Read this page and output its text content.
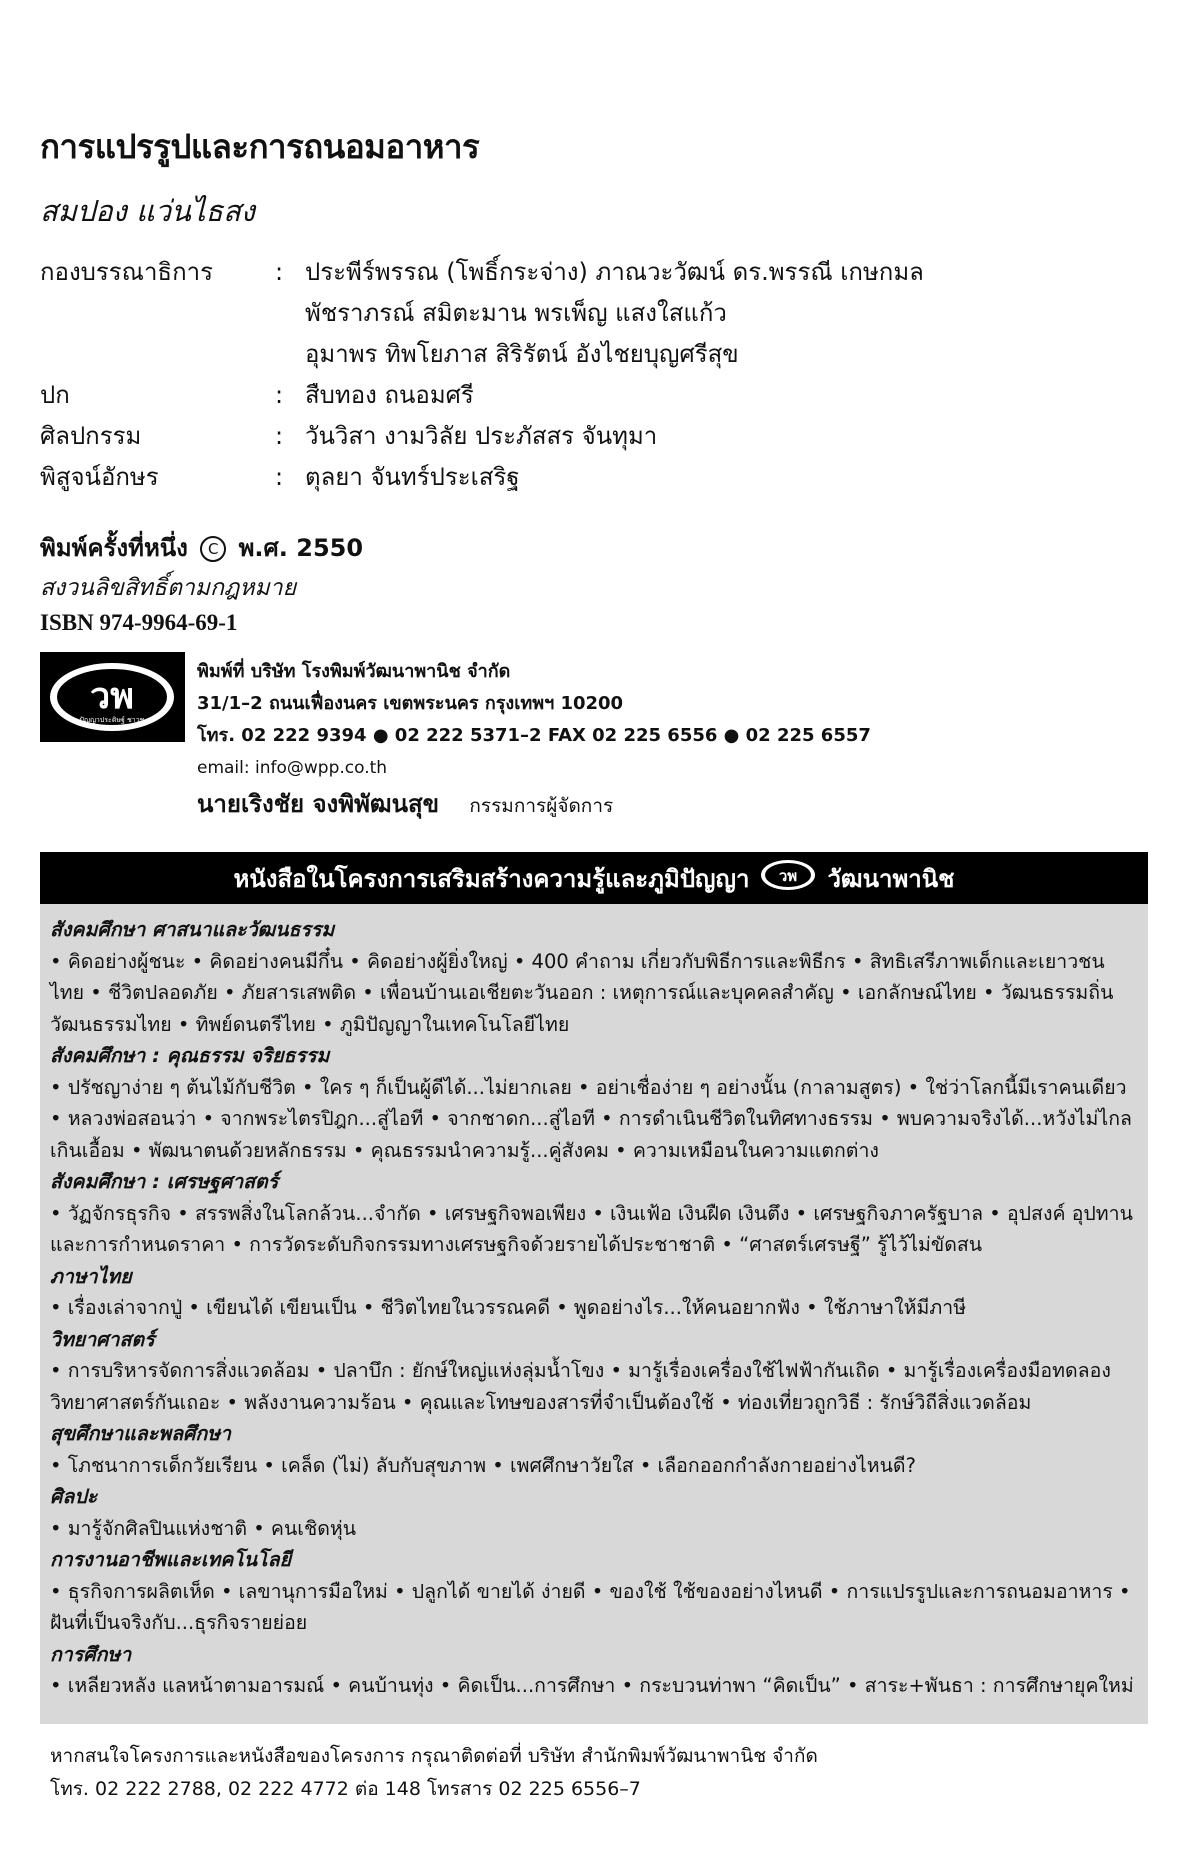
การแปรรูปและการถนอมอาหาร
สมปอง แว่นไธสง
กองบรรณาธิการ	: ประพีร์พรรณ (โพธิ์กระจ่าง) ภาณวะวัฒน์ ดร.พรรณี เกษกมล
พัชราภรณ์ สมิตะมาน พรเพ็ญ แสงใสแก้ว
อุมาพร ทิพโยภาส สิริรัตน์ อังไชยบุญศรีสุข
ปก	: สืบทอง ถนอมศรี
ศิลปกรรม	: วันวิสา งามวิลัย ประภัสสร จันทุมา
พิสูจน์อักษร	: ตุลยา จันทร์ประเสริฐ
พิมพ์ครั้งที่หนึ่ง C พ.ศ. 2550
สงวนลิขสิทธิ์ตามกฎหมาย
ISBN 974-9964-69-1
วพ
ปัญญาประดิษฐ์ ชาวช
พิมพ์ที่ บริษัท โรงพิมพ์วัฒนาพานิช จำกัด
31/1–2 ถนนเฟื่องนคร เขตพระนคร กรุงเทพฯ 10200
โทร. 02 222 9394 ● 02 222 5371–2 FAX 02 225 6556 ● 02 225 6557
email: info@wpp.co.th
นายเริงชัย จงพิพัฒนสุข กรรมการผู้จัดการ
หนังสือในโครงการเสริมสร้างความรู้และภูมิปัญญา วพ วัฒนาพานิช
สังคมศึกษา ศาสนาและวัฒนธรรม
• คิดอย่างผู้ชนะ • คิดอย่างคนมีกึ๋น • คิดอย่างผู้ยิ่งใหญ่ • 400 คำถาม เกี่ยวกับพิธีการและพิธีกร • สิทธิเสรีภาพเด็กและเยาวชนไทย • ชีวิตปลอดภัย • ภัยสารเสพติด • เพื่อนบ้านเอเชียตะวันออก : เหตุการณ์และบุคคลสำคัญ • เอกลักษณ์ไทย • วัฒนธรรมถิ่น วัฒนธรรมไทย • ทิพย์ดนตรีไทย • ภูมิปัญญาในเทคโนโลยีไทย
สังคมศึกษา : คุณธรรม จริยธรรม
• ปรัชญาง่าย ๆ ต้นไม้กับชีวิต • ใคร ๆ ก็เป็นผู้ดีได้...ไม่ยากเลย • อย่าเชื่อง่าย ๆ อย่างนั้น (กาลามสูตร) • ใช่ว่าโลกนี้มีเราคนเดียว • หลวงพ่อสอนว่า • จากพระไตรปิฎก...สู่ไอที • จากชาดก...สู่ไอที • การดำเนินชีวิตในทิศทางธรรม • พบความจริงได้...หวังไม่ไกลเกินเอื้อม • พัฒนาตนด้วยหลักธรรม • คุณธรรมนำความรู้...คู่สังคม • ความเหมือนในความแตกต่าง
สังคมศึกษา : เศรษฐศาสตร์
• วัฏจักรธุรกิจ • สรรพสิ่งในโลกล้วน...จำกัด • เศรษฐกิจพอเพียง • เงินเฟ้อ เงินฝืด เงินตึง • เศรษฐกิจภาครัฐบาล • อุปสงค์ อุปทาน และการกำหนดราคา • การวัดระดับกิจกรรมทางเศรษฐกิจด้วยรายได้ประชาชาติ • “ศาสตร์เศรษฐี” รู้ไว้ไม่ขัดสน
ภาษาไทย
• เรื่องเล่าจากปู่ • เขียนได้ เขียนเป็น • ชีวิตไทยในวรรณคดี • พูดอย่างไร...ให้คนอยากฟัง • ใช้ภาษาให้มีภาษี
วิทยาศาสตร์
• การบริหารจัดการสิ่งแวดล้อม • ปลาบึก : ยักษ์ใหญ่แห่งลุ่มน้ำโขง • มารู้เรื่องเครื่องใช้ไฟฟ้ากันเถิด • มารู้เรื่องเครื่องมือทดลองวิทยาศาสตร์กันเถอะ • พลังงานความร้อน • คุณและโทษของสารที่จำเป็นต้องใช้ • ท่องเที่ยวถูกวิธี : รักษ์วิถีสิ่งแวดล้อม
สุขศึกษาและพลศึกษา
• โภชนาการเด็กวัยเรียน • เคล็ด (ไม่) ลับกับสุขภาพ • เพศศึกษาวัยใส • เลือกออกกำลังกายอย่างไหนดี?
ศิลปะ
• มารู้จักศิลปินแห่งชาติ • คนเชิดหุ่น
การงานอาชีพและเทคโนโลยี
• ธุรกิจการผลิตเห็ด • เลขานุการมือใหม่ • ปลูกได้ ขายได้ ง่ายดี • ของใช้ ใช้ของอย่างไหนดี • การแปรรูปและการถนอมอาหาร • ฝันที่เป็นจริงกับ...ธุรกิจรายย่อย
การศึกษา
• เหลียวหลัง แลหน้าตามอารมณ์ • คนบ้านทุ่ง • คิดเป็น...การศึกษา • กระบวนท่าพา “คิดเป็น” • สาระ+พันธา : การศึกษายุคใหม่
หากสนใจโครงการและหนังสือของโครงการ กรุณาติดต่อที่ บริษัท สำนักพิมพ์วัฒนาพานิช จำกัด
โทร. 02 222 2788, 02 222 4772 ต่อ 148 โทรสาร 02 225 6556–7
